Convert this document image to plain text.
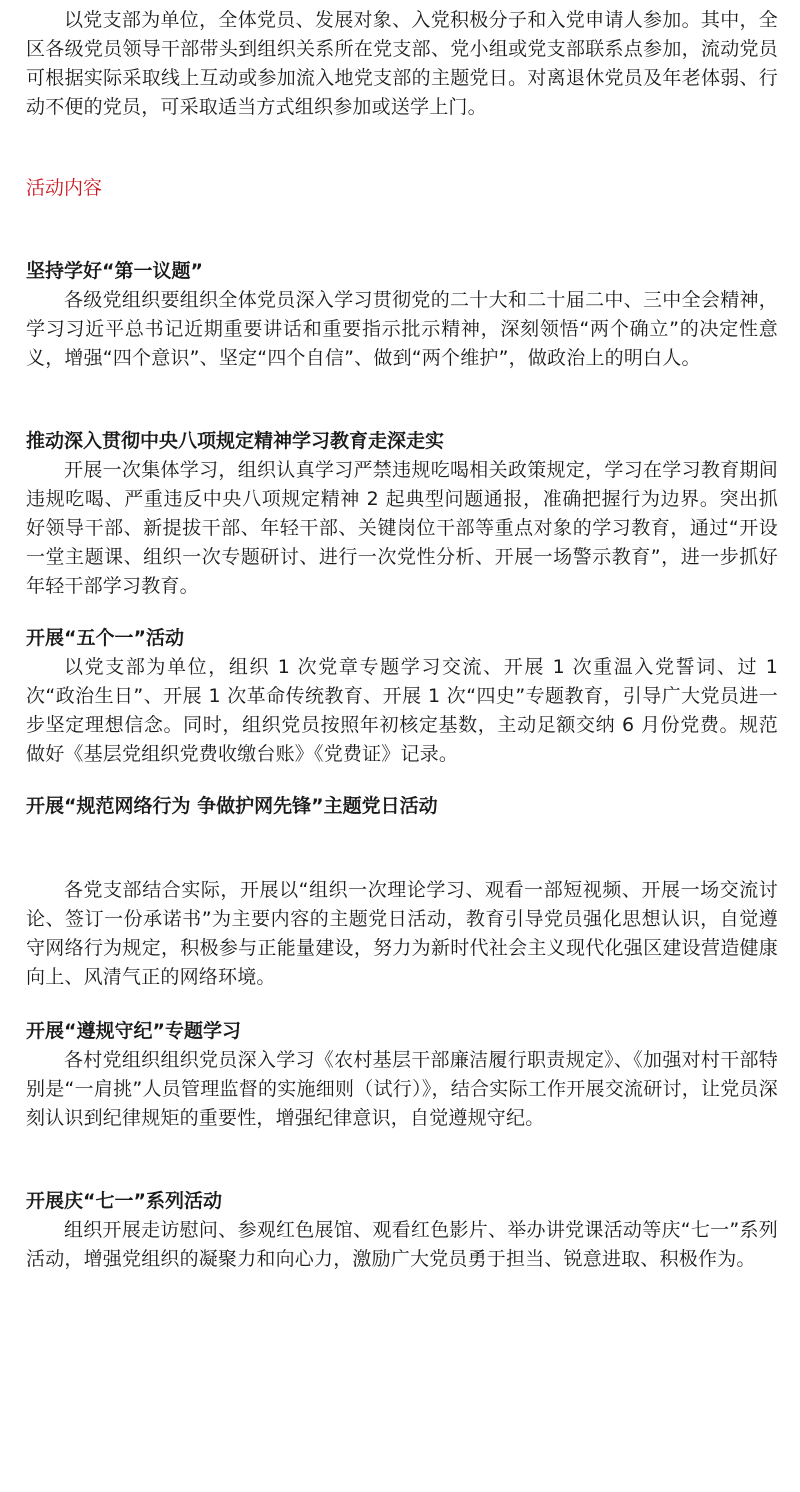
以党支部为单位，全体党员、发展对象、入党积极分子和入党申请人参加。其中，全区各级党员领导干部带头到组织关系所在党支部、党小组或党支部联系点参加，流动党员可根据实际采取线上互动或参加流入地党支部的主题党日。对离退休党员及年老体弱、行动不便的党员，可采取适当方式组织参加或送学上门。

活动内容

坚持学好“第一议题”

各级党组织要组织全体党员深入学习贯彻党的二十大和二十届二中、三中全会精神，学习习近平总书记近期重要讲话和重要指示批示精神，深刻领悟“两个确立”的决定性意义，增强“四个意识”、坚定“四个自信”、做到“两个维护”，做政治上的明白人。

推动深入贯彻中央八项规定精神学习教育走深走实

开展一次集体学习，组织认真学习严禁违规吃喝相关政策规定，学习在学习教育期间违规吃喝、严重违反中央八项规定精神 2 起典型问题通报，准确把握行为边界。突出抓好领导干部、新提拔干部、年轻干部、关键岗位干部等重点对象的学习教育，通过“开设一堂主题课、组织一次专题研讨、进行一次党性分析、开展一场警示教育”，进一步抓好年轻干部学习教育。

开展“五个一”活动

以党支部为单位，组织 1 次党章专题学习交流、开展 1 次重温入党誓词、过 1 次“政治生日”、开展 1 次革命传统教育、开展 1 次“四史”专题教育，引导广大党员进一步坚定理想信念。同时，组织党员按照年初核定基数，主动足额交纳 6 月份党费。规范做好《基层党组织党费收缴台账》《党费证》记录。

开展“规范网络行为 争做护网先锋”主题党日活动

各党支部结合实际，开展以“组织一次理论学习、观看一部短视频、开展一场交流讨论、签订一份承诺书”为主要内容的主题党日活动，教育引导党员强化思想认识，自觉遵守网络行为规定，积极参与正能量建设，努力为新时代社会主义现代化强区建设营造健康向上、风清气正的网络环境。

开展“遵规守纪”专题学习

各村党组织组织党员深入学习《农村基层干部廉洁履行职责规定》、《加强对村干部特别是“一肩挑”人员管理监督的实施细则（试行）》，结合实际工作开展交流研讨，让党员深刻认识到纪律规矩的重要性，增强纪律意识，自觉遵规守纪。

开展庆“七一”系列活动

组织开展走访慰问、参观红色展馆、观看红色影片、举办讲党课活动等庆“七一”系列活动，增强党组织的凝聚力和向心力，激励广大党员勇于担当、锐意进取、积极作为。
